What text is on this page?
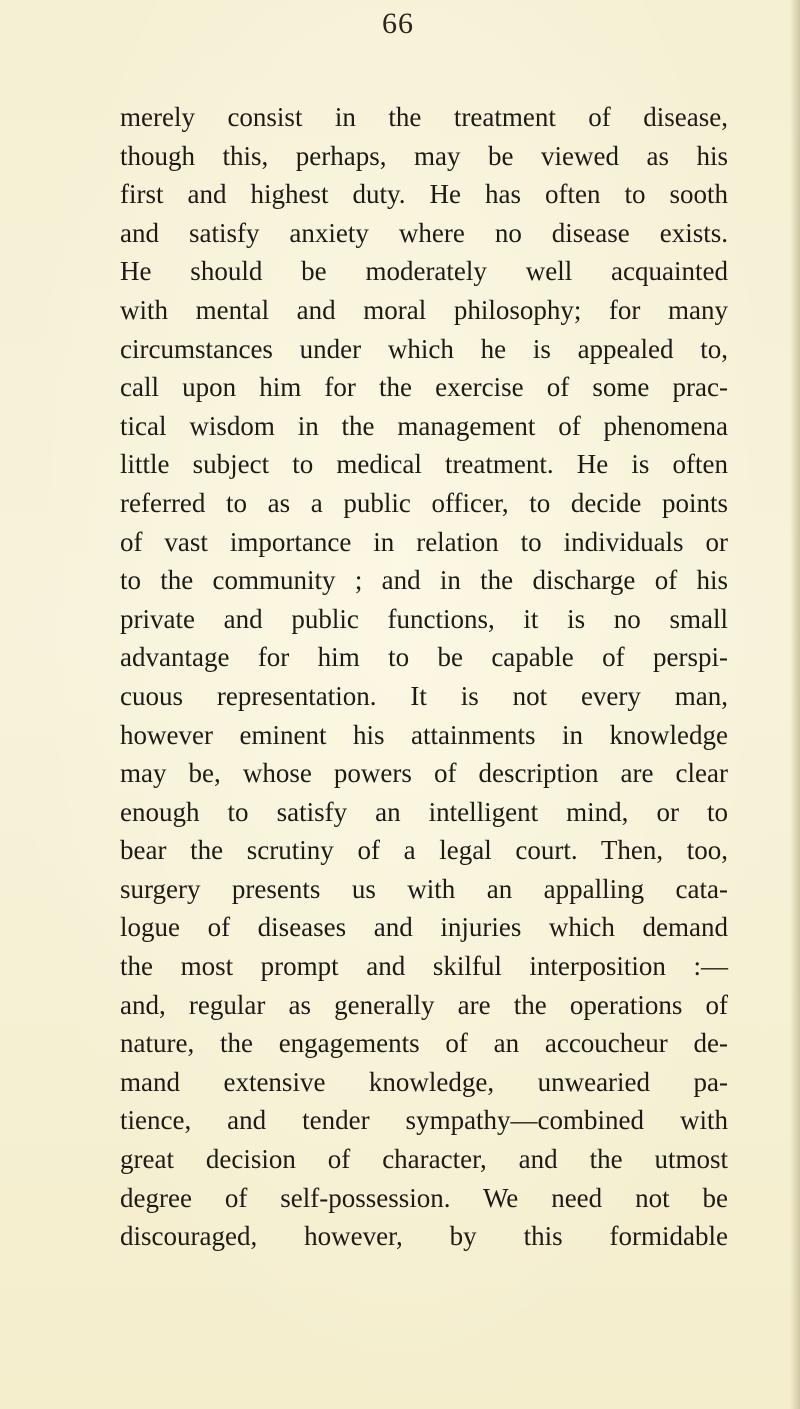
66
merely consist in the treatment of disease,
though this, perhaps, may be viewed as his
first and highest duty. He has often to sooth
and satisfy anxiety where no disease exists.
He should be moderately well acquainted
with mental and moral philosophy; for many
circumstances under which he is appealed to,
call upon him for the exercise of some prac-
tical wisdom in the management of phenomena
little subject to medical treatment. He is often
referred to as a public officer, to decide points
of vast importance in relation to individuals or
to the community ; and in the discharge of his
private and public functions, it is no small
advantage for him to be capable of perspi-
cuous representation. It is not every man,
however eminent his attainments in knowledge
may be, whose powers of description are clear
enough to satisfy an intelligent mind, or to
bear the scrutiny of a legal court. Then, too,
surgery presents us with an appalling cata-
logue of diseases and injuries which demand
the most prompt and skilful interposition :—
and, regular as generally are the operations of
nature, the engagements of an accoucheur de-
mand extensive knowledge, unwearied pa-
tience, and tender sympathy—combined with
great decision of character, and the utmost
degree of self-possession. We need not be
discouraged, however, by this formidable
